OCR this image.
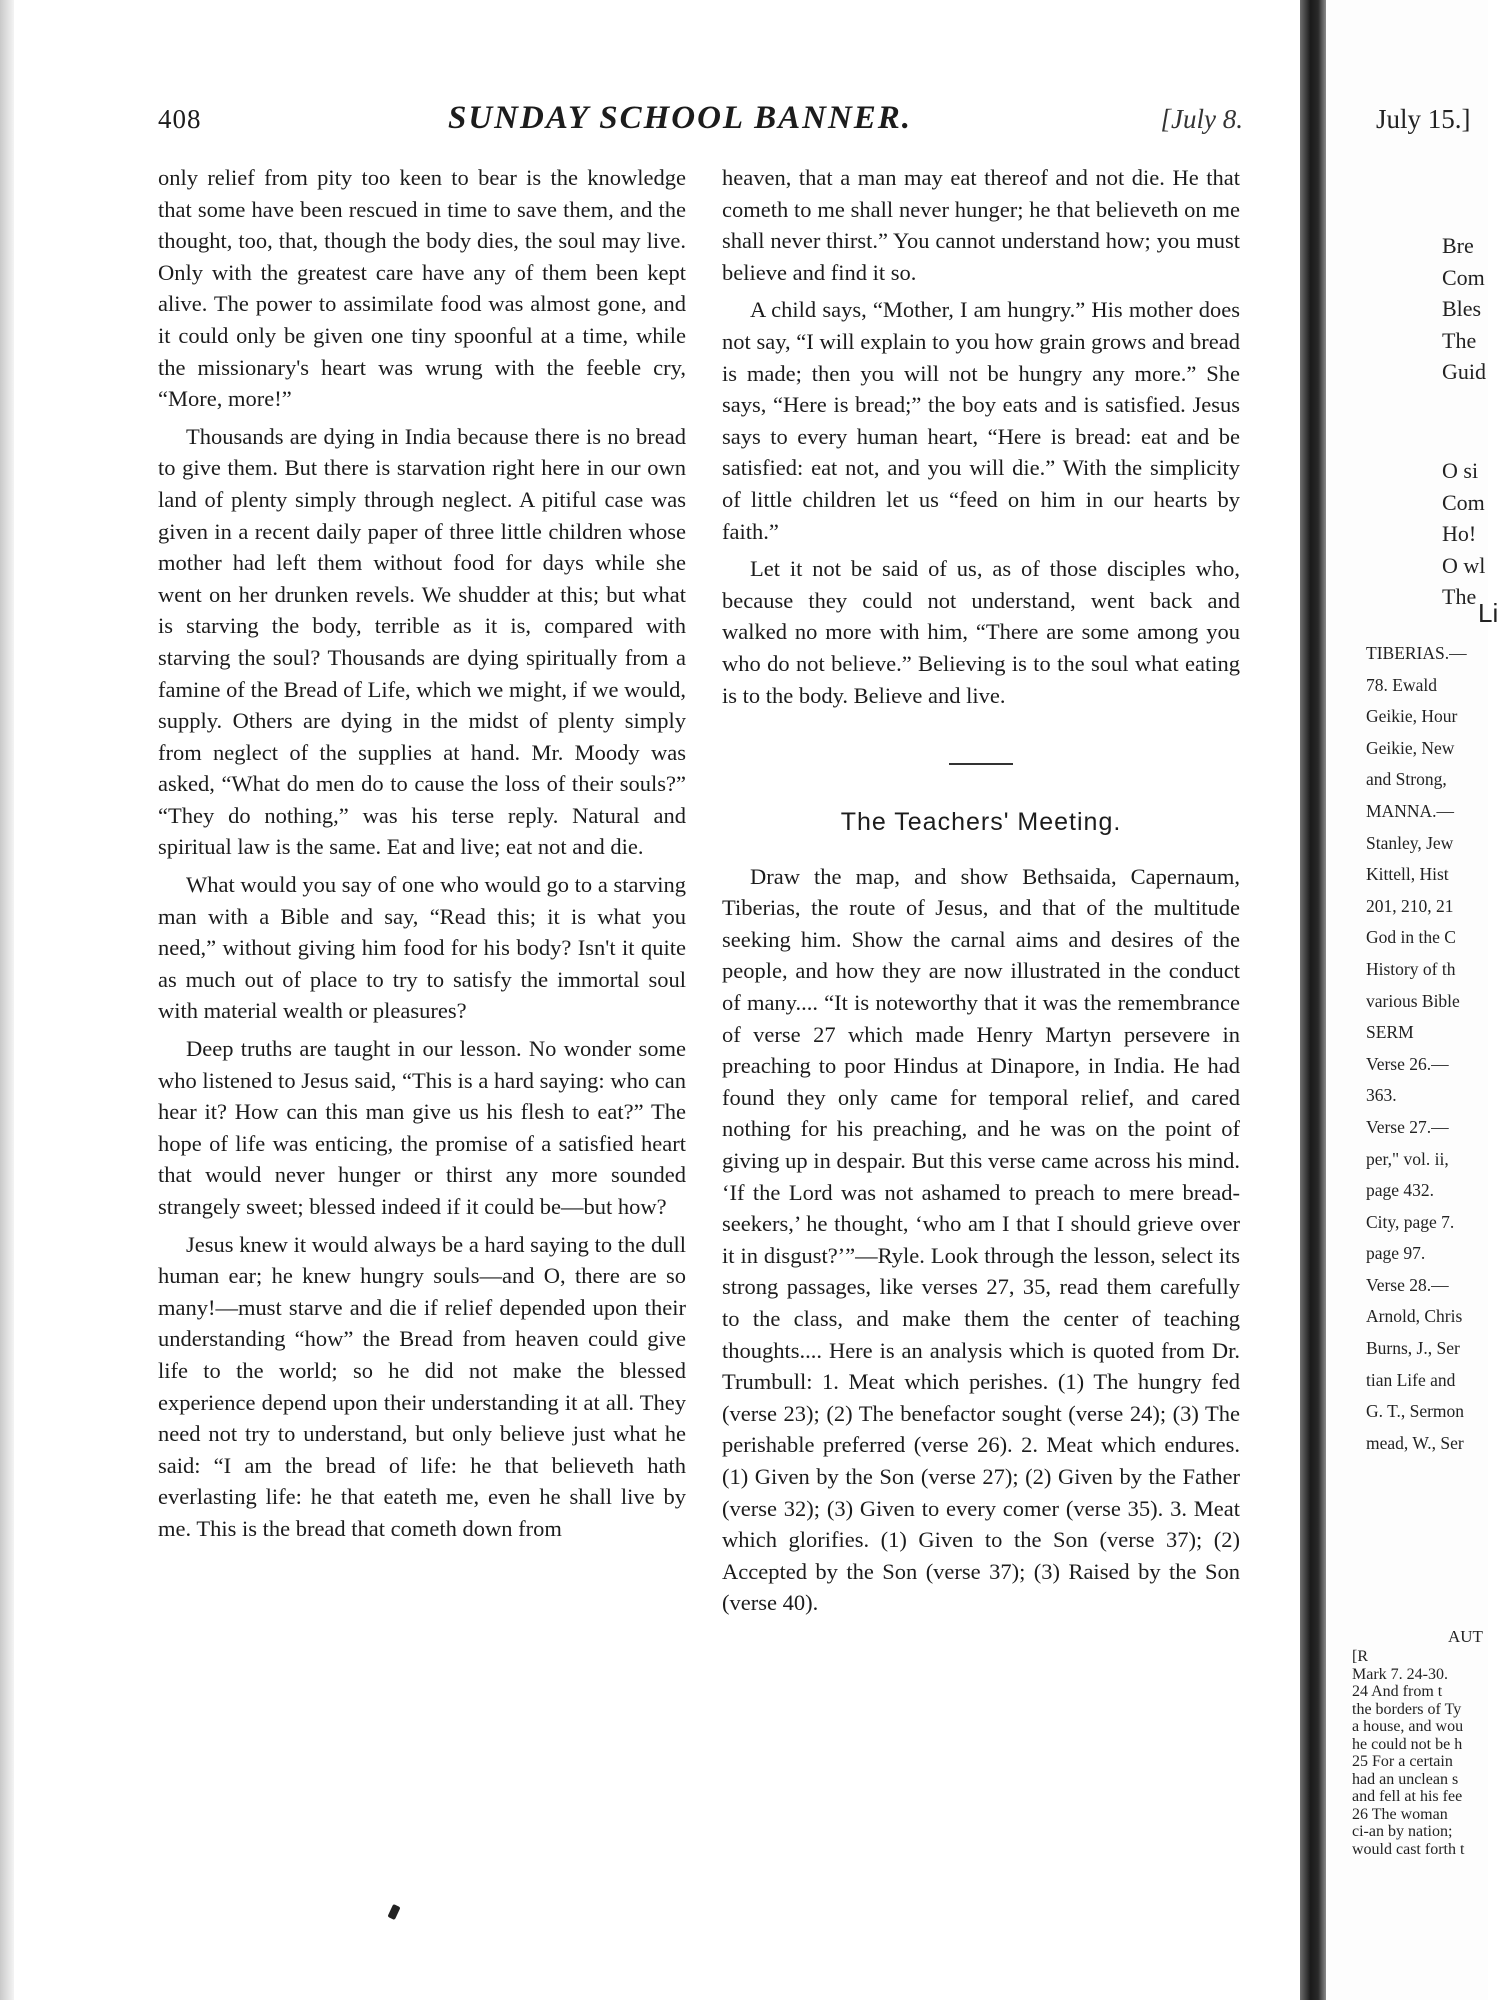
408	SUNDAY SCHOOL BANNER.	[July 8.

only relief from pity too keen to bear is the knowledge that some have been rescued in time to save them, and the thought, too, that, though the body dies, the soul may live. Only with the greatest care have any of them been kept alive. The power to assimilate food was almost gone, and it could only be given one tiny spoonful at a time, while the missionary's heart was wrung with the feeble cry, “More, more!”

Thousands are dying in India because there is no bread to give them. But there is starvation right here in our own land of plenty simply through neglect. A pitiful case was given in a recent daily paper of three little children whose mother had left them without food for days while she went on her drunken revels. We shudder at this; but what is starving the body, terrible as it is, compared with starving the soul? Thousands are dying spiritually from a famine of the Bread of Life, which we might, if we would, supply. Others are dying in the midst of plenty simply from neglect of the supplies at hand. Mr. Moody was asked, “What do men do to cause the loss of their souls?” “They do nothing,” was his terse reply. Natural and spiritual law is the same. Eat and live; eat not and die.

What would you say of one who would go to a starving man with a Bible and say, “Read this; it is what you need,” without giving him food for his body? Isn't it quite as much out of place to try to satisfy the immortal soul with material wealth or pleasures?

Deep truths are taught in our lesson. No wonder some who listened to Jesus said, “This is a hard saying: who can hear it? How can this man give us his flesh to eat?” The hope of life was enticing, the promise of a satisfied heart that would never hunger or thirst any more sounded strangely sweet; blessed indeed if it could be—but how?

Jesus knew it would always be a hard saying to the dull human ear; he knew hungry souls—and O, there are so many!—must starve and die if relief depended upon their understanding “how” the Bread from heaven could give life to the world; so he did not make the blessed experience depend upon their understanding it at all. They need not try to understand, but only believe just what he said: “I am the bread of life: he that believeth hath everlasting life: he that eateth me, even he shall live by me. This is the bread that cometh down from

heaven, that a man may eat thereof and not die. He that cometh to me shall never hunger; he that believeth on me shall never thirst.” You cannot understand how; you must believe and find it so.

A child says, “Mother, I am hungry.” His mother does not say, “I will explain to you how grain grows and bread is made; then you will not be hungry any more.” She says, “Here is bread;” the boy eats and is satisfied. Jesus says to every human heart, “Here is bread: eat and be satisfied: eat not, and you will die.” With the simplicity of little children let us “feed on him in our hearts by faith.”

Let it not be said of us, as of those disciples who, because they could not understand, went back and walked no more with him, “There are some among you who do not believe.” Believing is to the soul what eating is to the body. Believe and live.

The Teachers' Meeting.

Draw the map, and show Bethsaida, Capernaum, Tiberias, the route of Jesus, and that of the multitude seeking him. Show the carnal aims and desires of the people, and how they are now illustrated in the conduct of many.... “It is noteworthy that it was the remembrance of verse 27 which made Henry Martyn persevere in preaching to poor Hindus at Dinapore, in India. He had found they only came for temporal relief, and cared nothing for his preaching, and he was on the point of giving up in despair. But this verse came across his mind. ‘If the Lord was not ashamed to preach to mere bread-seekers,’ he thought, ‘who am I that I should grieve over it in disgust?’”—Ryle. Look through the lesson, select its strong passages, like verses 27, 35, read them carefully to the class, and make them the center of teaching thoughts.... Here is an analysis which is quoted from Dr. Trumbull: 1. Meat which perishes. (1) The hungry fed (verse 23); (2) The benefactor sought (verse 24); (3) The perishable preferred (verse 26). 2. Meat which endures. (1) Given by the Son (verse 27); (2) Given by the Father (verse 32); (3) Given to every comer (verse 35). 3. Meat which glorifies. (1) Given to the Son (verse 37); (2) Accepted by the Son (verse 37); (3) Raised by the Son (verse 40).

July 15.]
Bre
Com
Bles
The
Guid
O si
Com
Ho!
O wl
The
Li
TIBERIAS.—
78. Ewald
Geikie, Hour
Geikie, New
and Strong,
MANNA.—
Stanley, Jew
Kittell, Hist
201, 210, 21
God in the C
History of th
various Bible
SERM
Verse 26.—
363.
Verse 27.—
per," vol. ii,
page 432.
City, page 7.
page 97.
Verse 28.—
Arnold, Chris
Burns, J., Ser
tian Life and
G. T., Sermon
mead, W., Ser
AUT
[R
Mark 7. 24-30.
24 And from t
the borders of Ty
a house, and wou
he could not be h
25 For a certain
had an unclean s
and fell at his fee
26 The woman
ci-an by nation;
would cast forth t
